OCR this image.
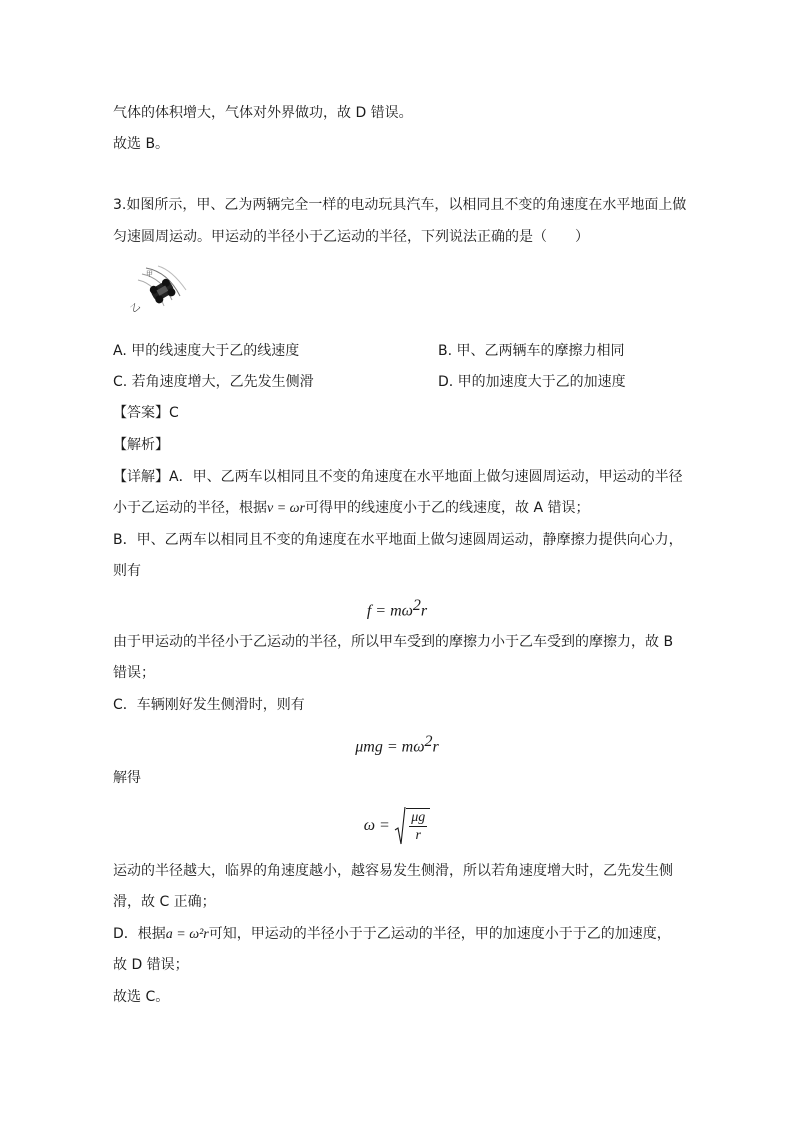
气体的体积增大，气体对外界做功，故 D 错误。
故选 B。
3.如图所示，甲、乙为两辆完全一样的电动玩具汽车，以相同且不变的角速度在水平地面上做
匀速圆周运动。甲运动的半径小于乙运动的半径，下列说法正确的是（　　）
乙
甲
A. 甲的线速度大于乙的线速度	B. 甲、乙两辆车的摩擦力相同
C. 若角速度增大，乙先发生侧滑	D. 甲的加速度大于乙的加速度
【答案】C
【解析】
【详解】A．甲、乙两车以相同且不变的角速度在水平地面上做匀速圆周运动，甲运动的半径
小于乙运动的半径，根据v = ωr可得甲的线速度小于乙的线速度，故 A 错误；
B．甲、乙两车以相同且不变的角速度在水平地面上做匀速圆周运动，静摩擦力提供向心力，
则有
$f = m\omega^2r$
由于甲运动的半径小于乙运动的半径，所以甲车受到的摩擦力小于乙车受到的摩擦力，故 B
错误；
C．车辆刚好发生侧滑时，则有
$\mu mg = m\omega^2r$
解得
$\omega = \frac{\mu g}{r}$
运动的半径越大，临界的角速度越小，越容易发生侧滑，所以若角速度增大时，乙先发生侧
滑，故 C 正确；
D．根据a = ω²r可知，甲运动的半径小于于乙运动的半径，甲的加速度小于于乙的加速度，
故 D 错误；
故选 C。
